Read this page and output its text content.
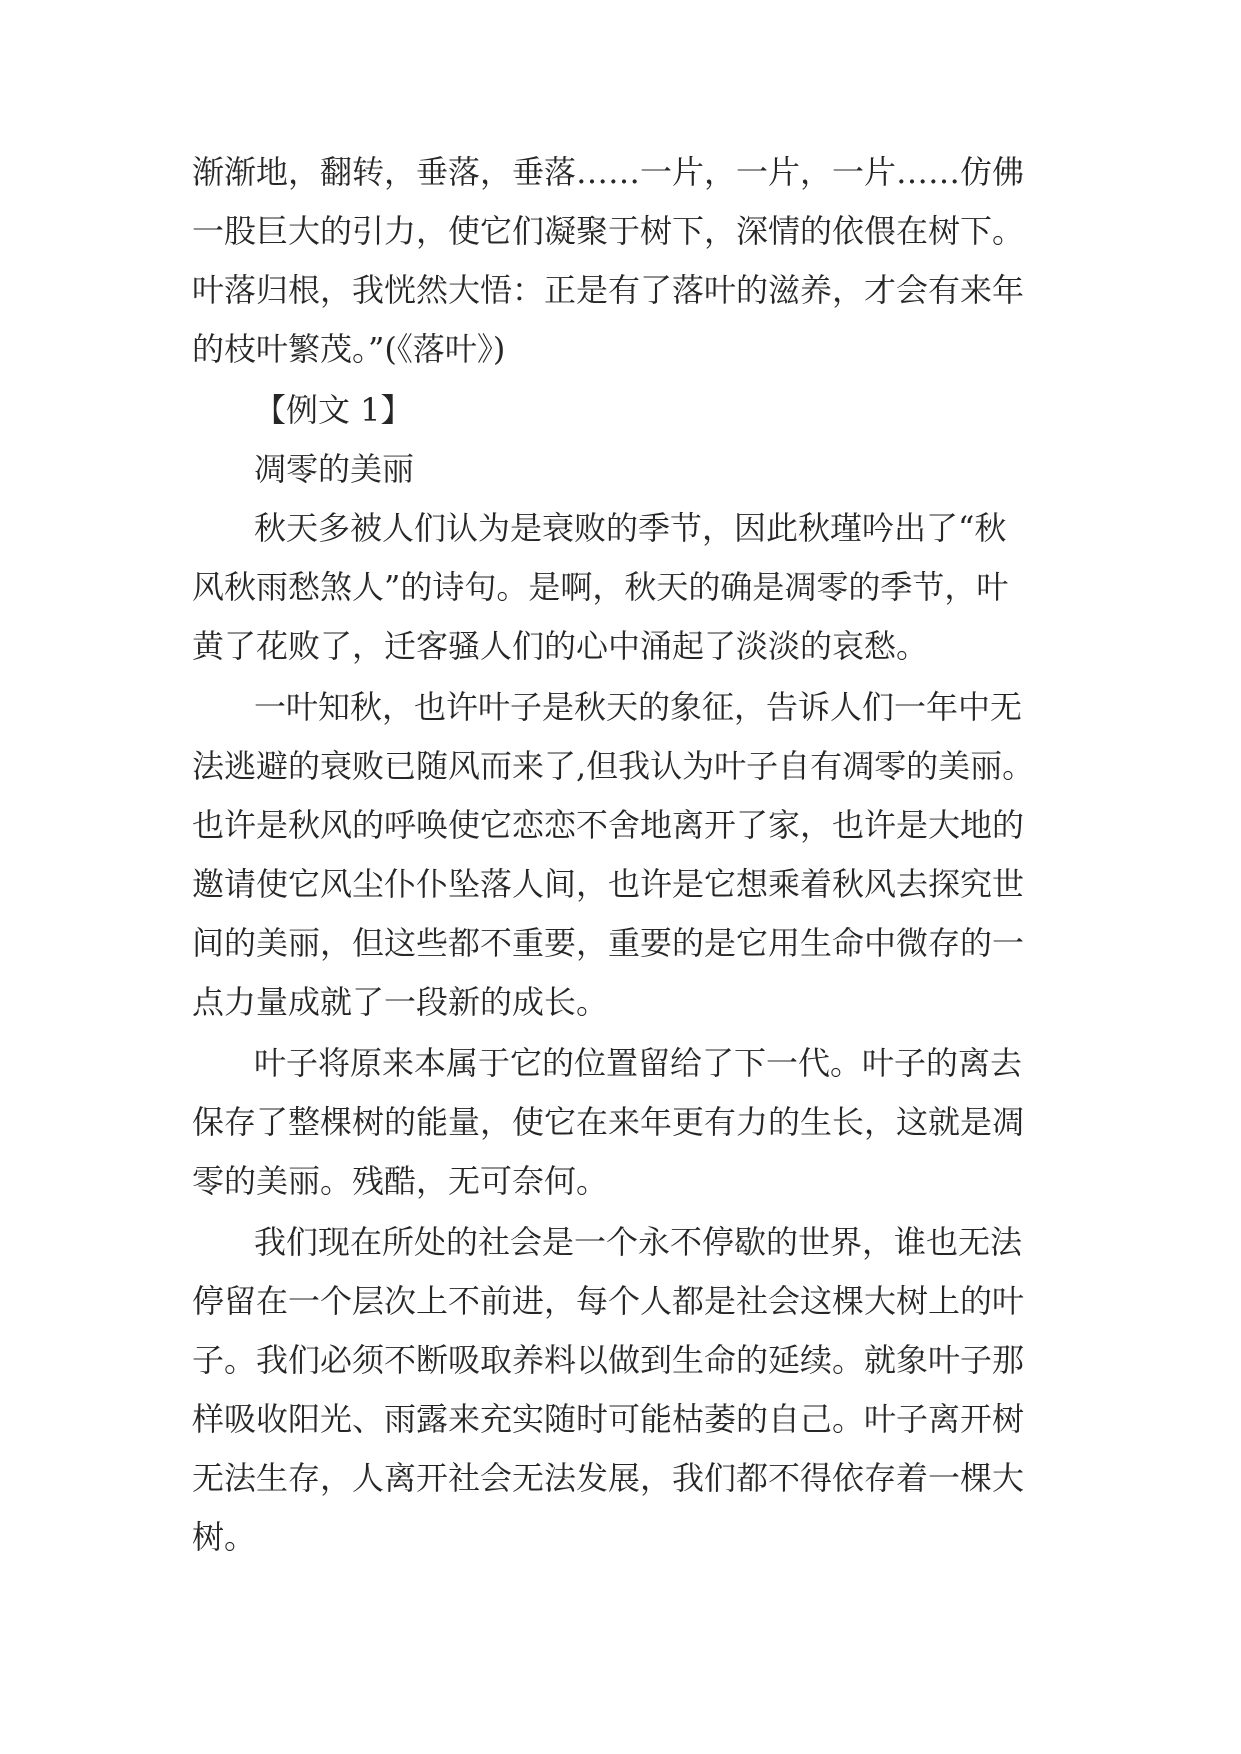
渐渐地，翻转，垂落，垂落……一片，一片，一片……仿佛
一股巨大的引力，使它们凝聚于树下，深情的依偎在树下。
叶落归根，我恍然大悟：正是有了落叶的滋养，才会有来年
的枝叶繁茂。”(《落叶》)
【例文 1】
凋零的美丽
秋天多被人们认为是衰败的季节，因此秋瑾吟出了“秋
风秋雨愁煞人”的诗句。是啊，秋天的确是凋零的季节，叶
黄了花败了，迁客骚人们的心中涌起了淡淡的哀愁。
一叶知秋，也许叶子是秋天的象征，告诉人们一年中无
法逃避的衰败已随风而来了,但我认为叶子自有凋零的美丽。
也许是秋风的呼唤使它恋恋不舍地离开了家，也许是大地的
邀请使它风尘仆仆坠落人间，也许是它想乘着秋风去探究世
间的美丽，但这些都不重要，重要的是它用生命中微存的一
点力量成就了一段新的成长。
叶子将原来本属于它的位置留给了下一代。叶子的离去
保存了整棵树的能量，使它在来年更有力的生长，这就是凋
零的美丽。残酷，无可奈何。
我们现在所处的社会是一个永不停歇的世界，谁也无法
停留在一个层次上不前进，每个人都是社会这棵大树上的叶
子。我们必须不断吸取养料以做到生命的延续。就象叶子那
样吸收阳光、雨露来充实随时可能枯萎的自己。叶子离开树
无法生存，人离开社会无法发展，我们都不得依存着一棵大
树。
